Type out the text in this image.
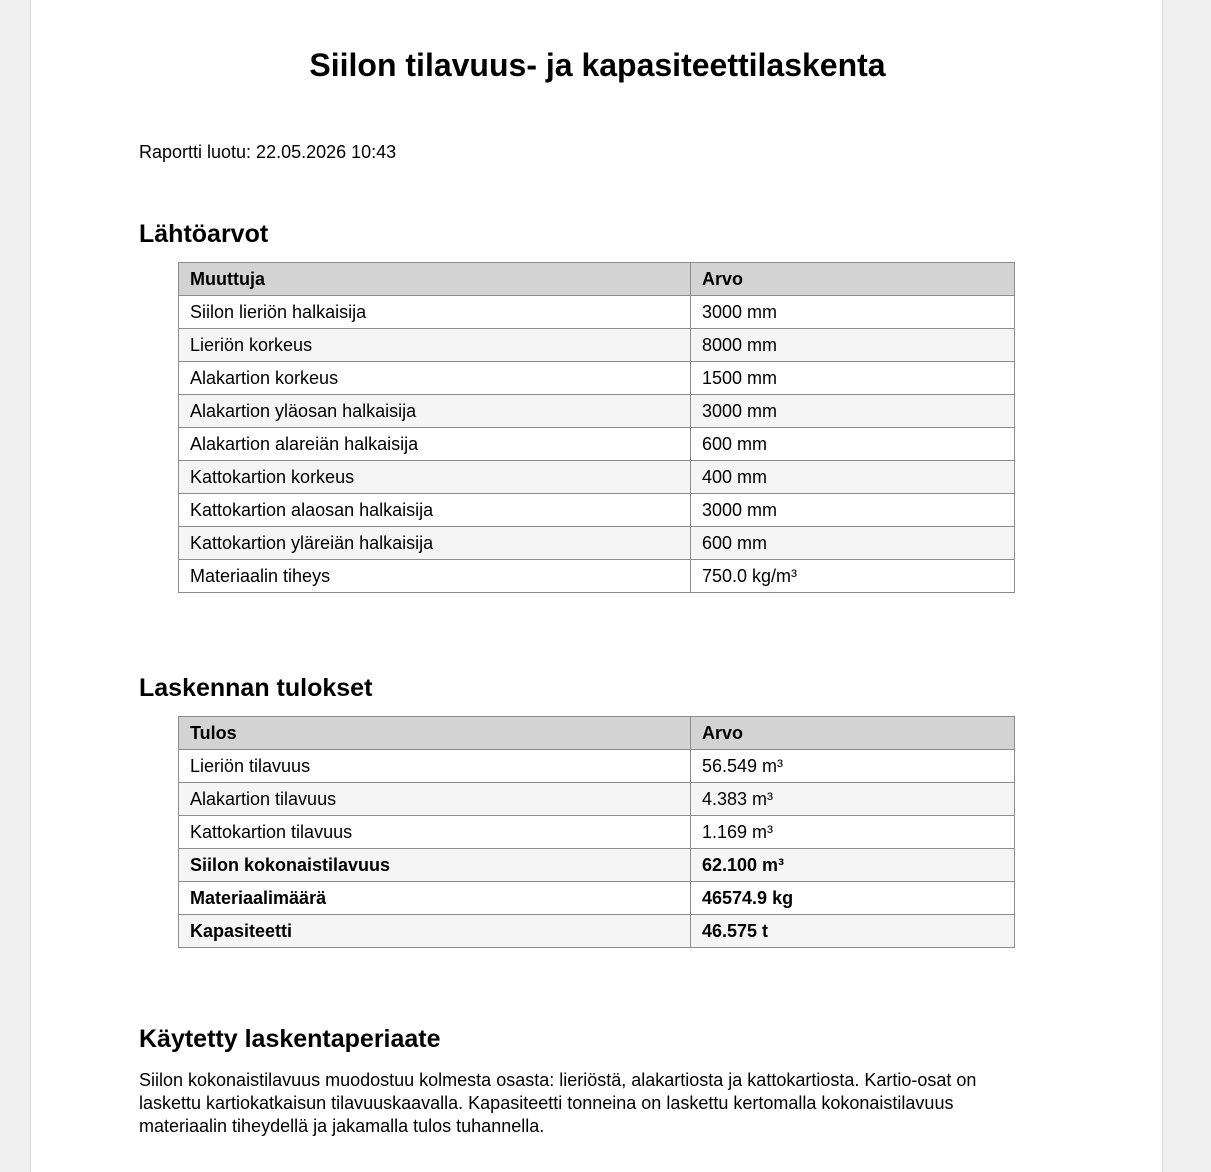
Siilon tilavuus- ja kapasiteettilaskenta

Raportti luotu: 22.05.2026 10:43

Lähtöarvot
Muuttuja	Arvo
Siilon lieriön halkaisija	3000 mm
Lieriön korkeus	8000 mm
Alakartion korkeus	1500 mm
Alakartion yläosan halkaisija	3000 mm
Alakartion alareiän halkaisija	600 mm
Kattokartion korkeus	400 mm
Kattokartion alaosan halkaisija	3000 mm
Kattokartion yläreiän halkaisija	600 mm
Materiaalin tiheys	750.0 kg/m³
Laskennan tulokset
Tulos	Arvo
Lieriön tilavuus	56.549 m³
Alakartion tilavuus	4.383 m³
Kattokartion tilavuus	1.169 m³
Siilon kokonaistilavuus	62.100 m³
Materiaalimäärä	46574.9 kg
Kapasiteetti	46.575 t
Käytetty laskentaperiaate

Siilon kokonaistilavuus muodostuu kolmesta osasta: lieriöstä, alakartiosta ja kattokartiosta. Kartio-osat on laskettu kartiokatkaisun tilavuuskaavalla. Kapasiteetti tonneina on laskettu kertomalla kokonaistilavuus materiaalin tiheydellä ja jakamalla tulos tuhannella.
